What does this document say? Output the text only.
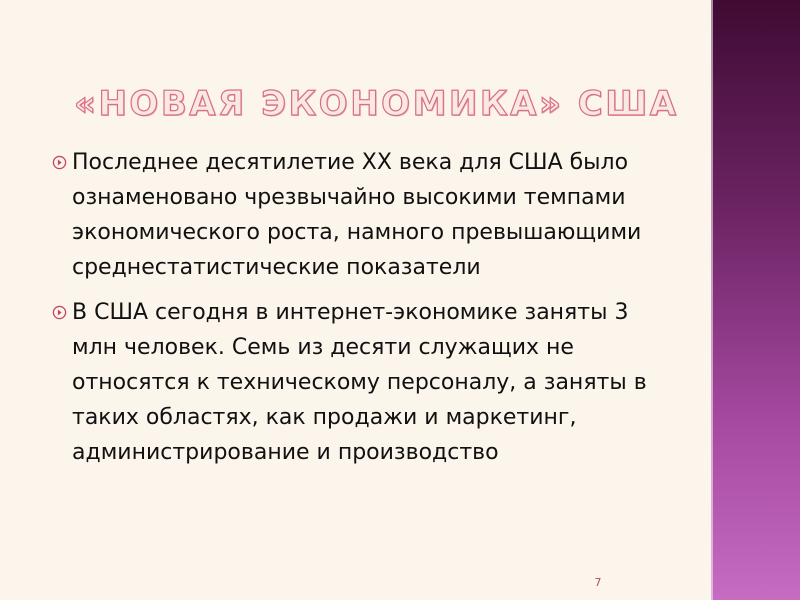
«НОВАЯ ЭКОНОМИКА» США
Последнее десятилетие XX века для США было ознаменовано чрезвычайно высокими темпами экономического роста, намного превышающими среднестатистические показатели
В США сегодня в интернет-экономике заняты 3 млн человек. Семь из десяти служащих не относятся к техническому персоналу, а заняты в таких областях, как продажи и маркетинг, администрирование и производство
7
